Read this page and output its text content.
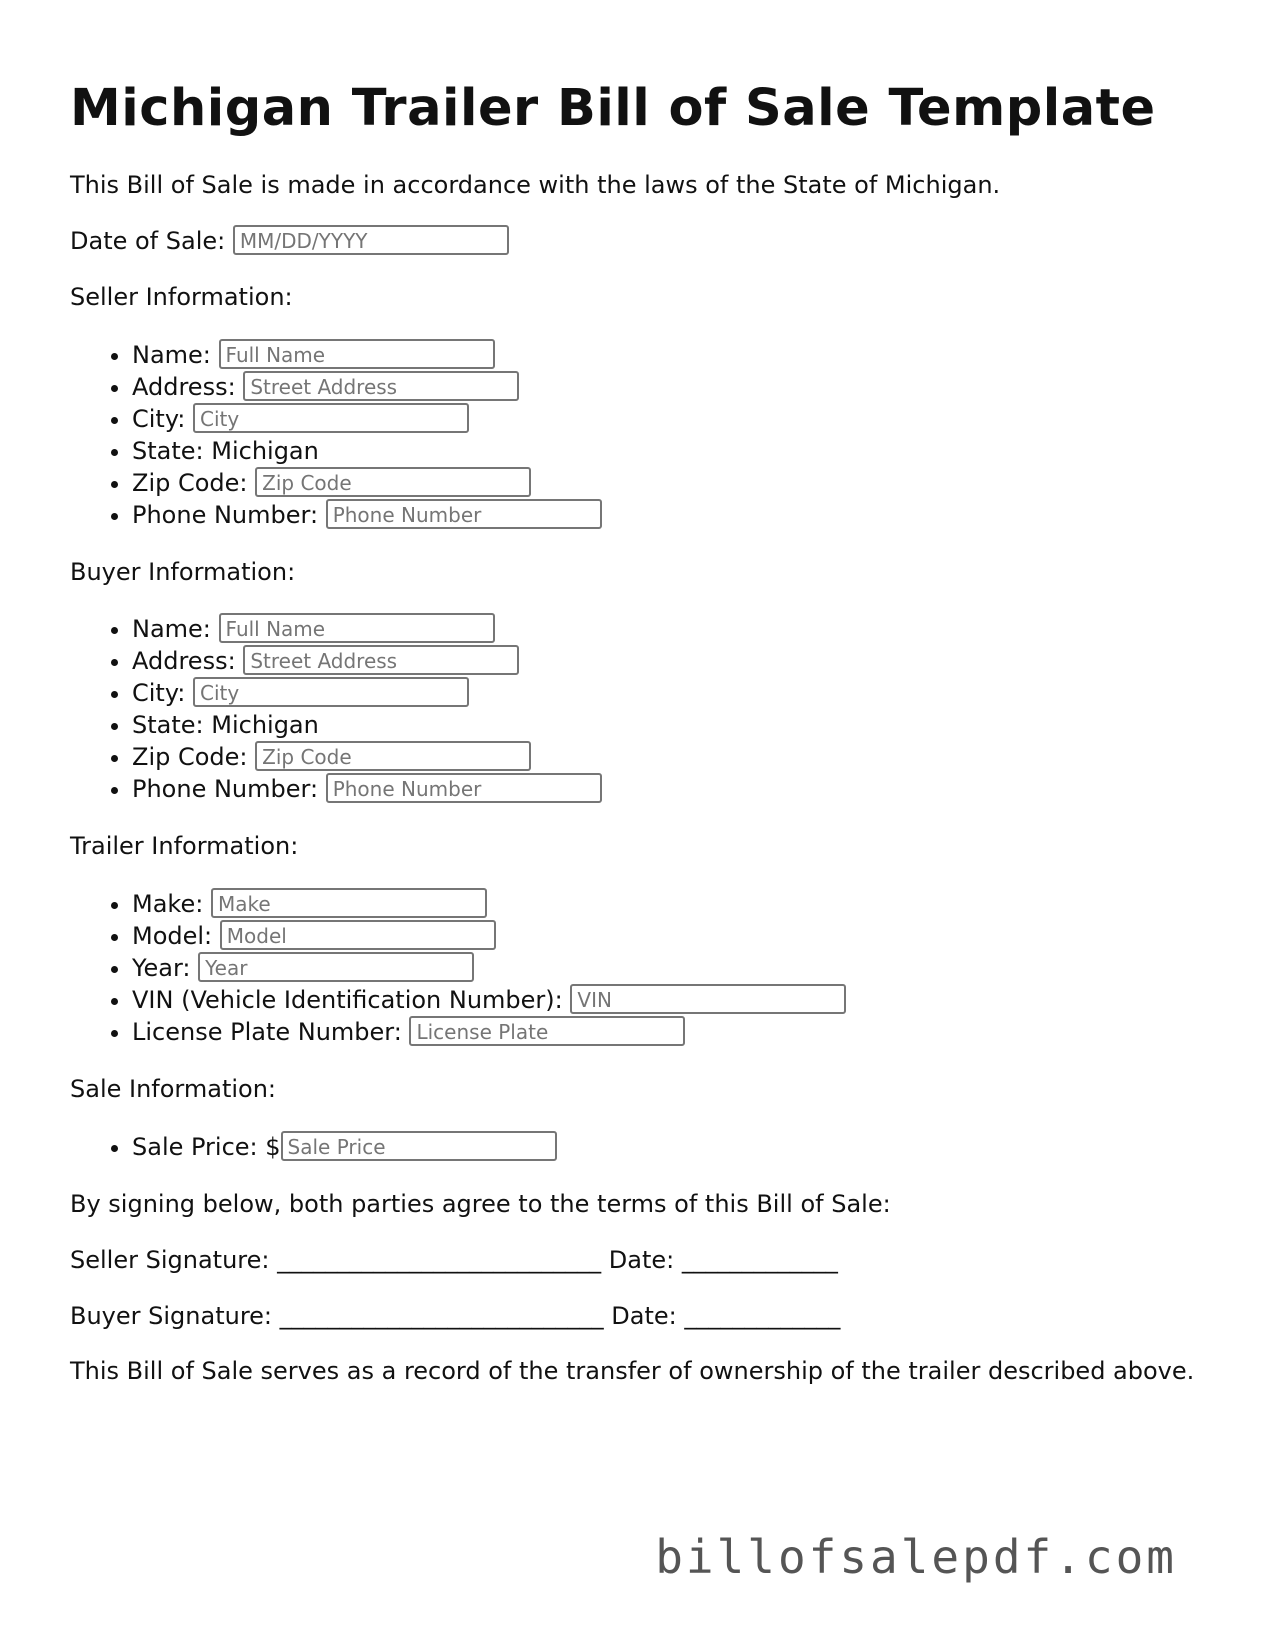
Michigan Trailer Bill of Sale Template

This Bill of Sale is made in accordance with the laws of the State of Michigan.

Date of Sale: MM/DD/YYYY

Seller Information:

• Name: Full Name
• Address: Street Address
• City: City
• State: Michigan
• Zip Code: Zip Code
• Phone Number: Phone Number

Buyer Information:

• Name: Full Name
• Address: Street Address
• City: City
• State: Michigan
• Zip Code: Zip Code
• Phone Number: Phone Number

Trailer Information:

• Make: Make
• Model: Model
• Year: Year
• VIN (Vehicle Identification Number): VIN
• License Plate Number: License Plate

Sale Information:

• Sale Price: $ Sale Price

By signing below, both parties agree to the terms of this Bill of Sale:

Seller Signature: ___________________________ Date: _____________

Buyer Signature: ___________________________ Date: _____________

This Bill of Sale serves as a record of the transfer of ownership of the trailer described above.

billofsalepdf.com
